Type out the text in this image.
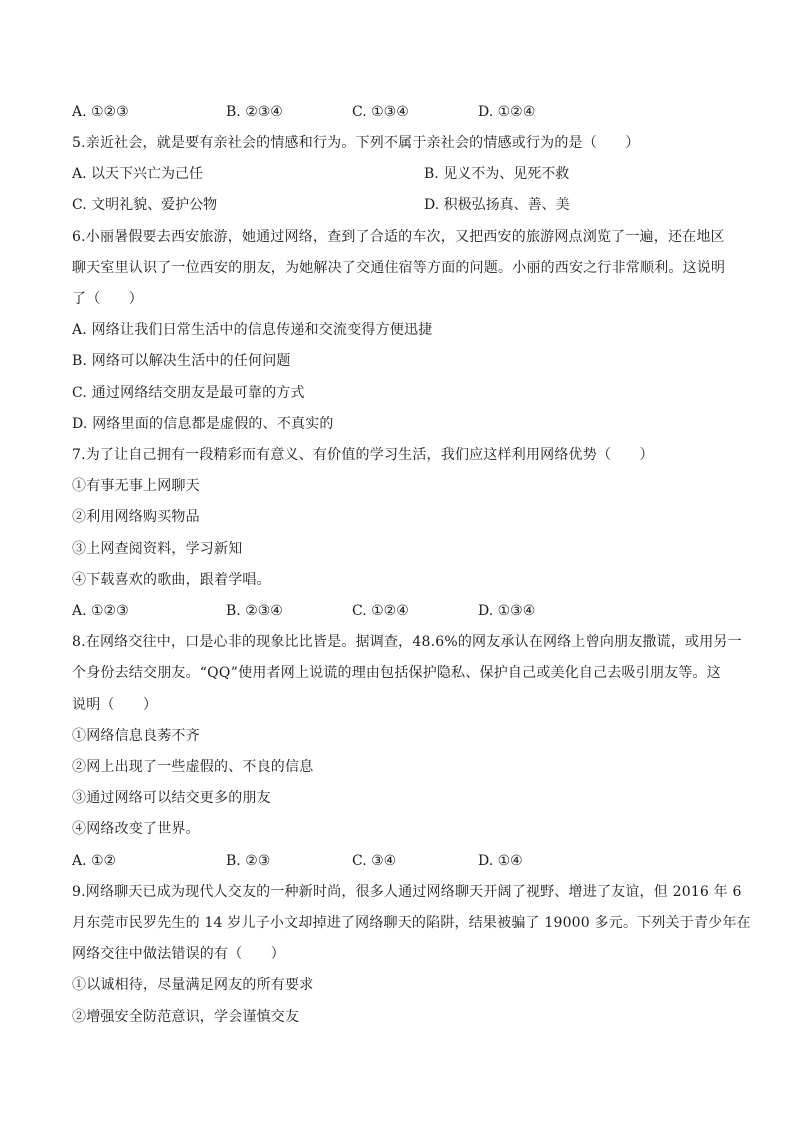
A. ①②③	B. ②③④	C. ①③④	D. ①②④
5.亲近社会，就是要有亲社会的情感和行为。下列不属于亲社会的情感或行为的是（　　）
A. 以天下兴亡为己任	B. 见义不为、见死不救
C. 文明礼貌、爱护公物	D. 积极弘扬真、善、美
6.小丽暑假要去西安旅游，她通过网络，查到了合适的车次，又把西安的旅游网点浏览了一遍，还在地区
聊天室里认识了一位西安的朋友，为她解决了交通住宿等方面的问题。小丽的西安之行非常顺利。这说明
了（　　）
A. 网络让我们日常生活中的信息传递和交流变得方便迅捷
B. 网络可以解决生活中的任何问题
C. 通过网络结交朋友是最可靠的方式
D. 网络里面的信息都是虚假的、不真实的
7.为了让自己拥有一段精彩而有意义、有价值的学习生活，我们应这样利用网络优势（　　）
①有事无事上网聊天
②利用网络购买物品
③上网查阅资料，学习新知
④下载喜欢的歌曲，跟着学唱。
A. ①②③	B. ②③④	C. ①②④	D. ①③④
8.在网络交往中，口是心非的现象比比皆是。据调查，48.6%的网友承认在网络上曾向朋友撒谎，或用另一
个身份去结交朋友。“QQ”使用者网上说谎的理由包括保护隐私、保护自己或美化自己去吸引朋友等。这
说明（　　）
①网络信息良莠不齐
②网上出现了一些虚假的、不良的信息
③通过网络可以结交更多的朋友
④网络改变了世界。
A. ①②	B. ②③	C. ③④	D. ①④
9.网络聊天已成为现代人交友的一种新时尚，很多人通过网络聊天开阔了视野、增进了友谊，但 2016 年 6
月东莞市民罗先生的 14 岁儿子小文却掉进了网络聊天的陷阱，结果被骗了 19000 多元。下列关于青少年在
网络交往中做法错误的有（　　）
①以诚相待，尽量满足网友的所有要求
②增强安全防范意识，学会谨慎交友
